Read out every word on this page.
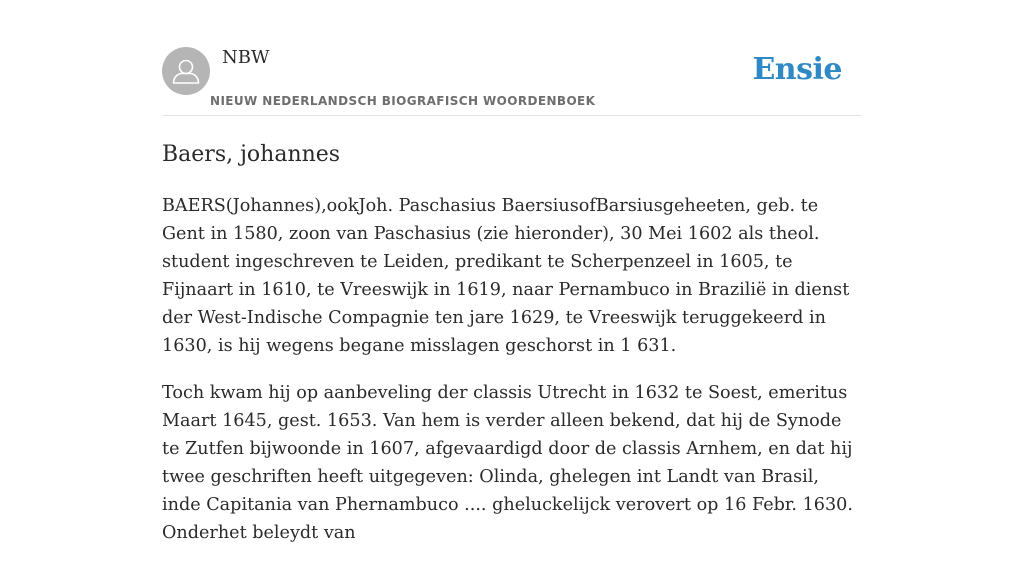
NBW
NIEUW NEDERLANDSCH BIOGRAFISCH WOORDENBOEK
Ensie
Baers, johannes

BAERS(Johannes),ookJoh. Paschasius BaersiusofBarsiusgeheeten, geb. te Gent in 1580, zoon van Paschasius (zie hieronder), 30 Mei 1602 als theol. student ingeschreven te Leiden, predikant te Scherpenzeel in 1605, te Fijnaart in 1610, te Vreeswijk in 1619, naar Pernambuco in Brazilië in dienst der West-Indische Compagnie ten jare 1629, te Vreeswijk teruggekeerd in 1630, is hij wegens begane misslagen geschorst in 1 631.

Toch kwam hij op aanbeveling der classis Utrecht in 1632 te Soest, emeritus Maart 1645, gest. 1653. Van hem is verder alleen bekend, dat hij de Synode te Zutfen bijwoonde in 1607, afgevaardigd door de classis Arnhem, en dat hij twee geschriften heeft uitgegeven: Olinda, ghelegen int Landt van Brasil, inde Capitania van Phernambuco .... gheluckelijck verovert op 16 Febr. 1630. Onderhet beleydt van
